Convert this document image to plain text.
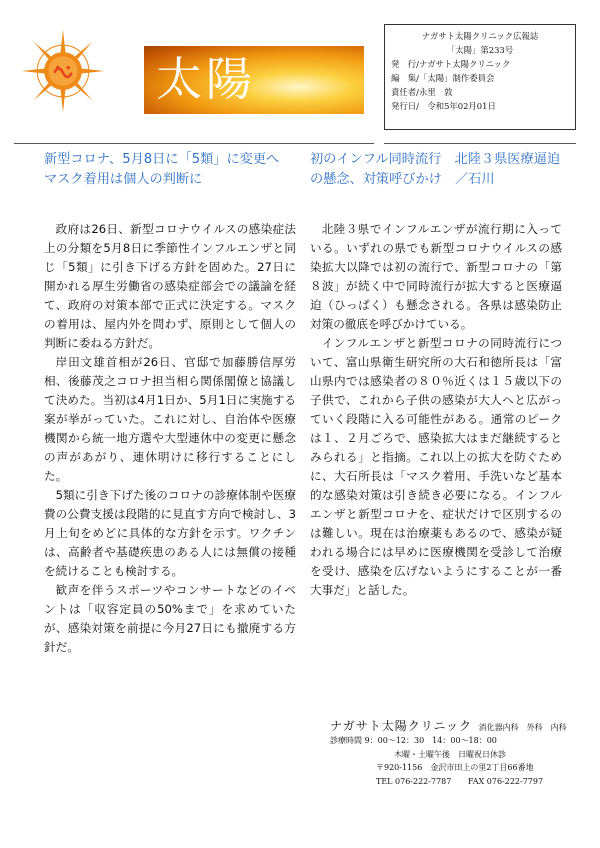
太陽
ナガサト太陽クリニック広報誌
「太陽」第233号
発　行/ナガサト太陽クリニック
編　集/「太陽」制作委員会
責任者/永里　敦
発行日/　令和5年02月01日
新型コロナ、5月8日に「5類」に変更へ　マスク着用は個人の判断に

政府は26日、新型コロナウイルスの感染症法上の分類を5月8日に季節性インフルエンザと同じ「5類」に引き下げる方針を固めた。27日に開かれる厚生労働省の感染症部会での議論を経て、政府の対策本部で正式に決定する。マスクの着用は、屋内外を問わず、原則として個人の判断に委ねる方針だ。

岸田文雄首相が26日、官邸で加藤勝信厚労相、後藤茂之コロナ担当相ら関係閣僚と協議して決めた。当初は4月1日か、5月1日に実施する案が挙がっていた。これに対し、自治体や医療機関から統一地方選や大型連休中の変更に懸念の声があがり、連休明けに移行することにした。

5類に引き下げた後のコロナの診療体制や医療費の公費支援は段階的に見直す方向で検討し、3月上旬をめどに具体的な方針を示す。ワクチンは、高齢者や基礎疾患のある人には無償の接種を続けることも検討する。

歓声を伴うスポーツやコンサートなどのイベントは「収容定員の50%まで」を求めていたが、感染対策を前提に今月27日にも撤廃する方針だ。

初のインフル同時流行　北陸３県医療逼迫の懸念、対策呼びかけ　／石川

北陸３県でインフルエンザが流行期に入っている。いずれの県でも新型コロナウイルスの感染拡大以降では初の流行で、新型コロナの「第８波」が続く中で同時流行が拡大すると医療逼迫（ひっぱく）も懸念される。各県は感染防止対策の徹底を呼びかけている。

インフルエンザと新型コロナの同時流行について、富山県衛生研究所の大石和徳所長は「富山県内では感染者の８０％近くは１５歳以下の子供で、これから子供の感染が大人へと広がっていく段階に入る可能性がある。通常のピークは１、２月ごろで、感染拡大はまだ継続するとみられる」と指摘。これ以上の拡大を防ぐために、大石所長は「マスク着用、手洗いなど基本的な感染対策は引き続き必要になる。インフルエンザと新型コロナを、症状だけで区別するのは難しい。現在は治療薬もあるので、感染が疑われる場合には早めに医療機関を受診して治療を受け、感染を広げないようにすることが一番大事だ」と話した。

ナガサト太陽クリニック 消化器内科　外科　内科
診療時間 9：00～12：30　14：00～18：00
木曜・土曜午後　日曜祝日休診
〒920-1156　金沢市田上の里2丁目66番地
TEL 076-222-7787 FAX 076-222-7797
